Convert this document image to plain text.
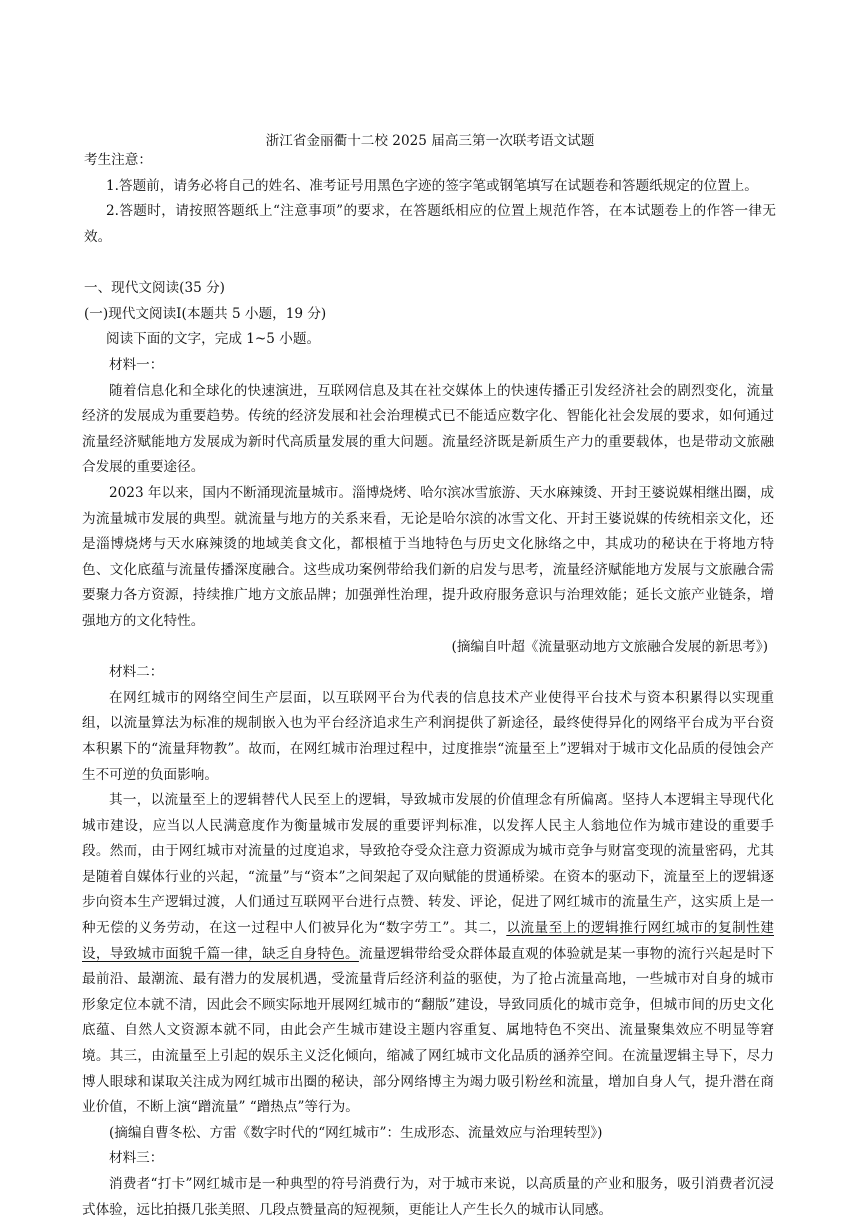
浙江省金丽衢十二校 2025 届高三第一次联考语文试题

考生注意：

1.答题前，请务必将自己的姓名、准考证号用黑色字迹的签字笔或钢笔填写在试题卷和答题纸规定的位置上。

2.答题时，请按照答题纸上“注意事项”的要求，在答题纸相应的位置上规范作答，在本试题卷上的作答一律无效。

一、现代文阅读(35 分)

(一)现代文阅读Ⅰ(本题共 5 小题，19 分)

阅读下面的文字，完成 1~5 小题。

材料一：

随着信息化和全球化的快速演进，互联网信息及其在社交媒体上的快速传播正引发经济社会的剧烈变化，流量经济的发展成为重要趋势。传统的经济发展和社会治理模式已不能适应数字化、智能化社会发展的要求，如何通过流量经济赋能地方发展成为新时代高质量发展的重大问题。流量经济既是新质生产力的重要载体，也是带动文旅融合发展的重要途径。

2023 年以来，国内不断涌现流量城市。淄博烧烤、哈尔滨冰雪旅游、天水麻辣烫、开封王婆说媒相继出圈，成为流量城市发展的典型。就流量与地方的关系来看，无论是哈尔滨的冰雪文化、开封王婆说媒的传统相亲文化，还是淄博烧烤与天水麻辣烫的地域美食文化，都根植于当地特色与历史文化脉络之中，其成功的秘诀在于将地方特色、文化底蕴与流量传播深度融合。这些成功案例带给我们新的启发与思考，流量经济赋能地方发展与文旅融合需要聚力各方资源，持续推广地方文旅品牌；加强弹性治理，提升政府服务意识与治理效能；延长文旅产业链条，增强地方的文化特性。

(摘编自叶超《流量驱动地方文旅融合发展的新思考》)

材料二：

在网红城市的网络空间生产层面，以互联网平台为代表的信息技术产业使得平台技术与资本积累得以实现重组，以流量算法为标准的规制嵌入也为平台经济追求生产利润提供了新途径，最终使得异化的网络平台成为平台资本积累下的“流量拜物教”。故而，在网红城市治理过程中，过度推崇“流量至上”逻辑对于城市文化品质的侵蚀会产生不可逆的负面影响。

其一，以流量至上的逻辑替代人民至上的逻辑，导致城市发展的价值理念有所偏离。坚持人本逻辑主导现代化城市建设，应当以人民满意度作为衡量城市发展的重要评判标准，以发挥人民主人翁地位作为城市建设的重要手段。然而，由于网红城市对流量的过度追求，导致抢夺受众注意力资源成为城市竞争与财富变现的流量密码，尤其是随着自媒体行业的兴起，“流量”与“资本”之间架起了双向赋能的贯通桥梁。在资本的驱动下，流量至上的逻辑逐步向资本生产逻辑过渡，人们通过互联网平台进行点赞、转发、评论，促进了网红城市的流量生产，这实质上是一种无偿的义务劳动，在这一过程中人们被异化为“数字劳工”。其二，以流量至上的逻辑推行网红城市的复制性建设，导致城市面貌千篇一律，缺乏自身特色。流量逻辑带给受众群体最直观的体验就是某一事物的流行兴起是时下最前沿、最潮流、最有潜力的发展机遇，受流量背后经济利益的驱使，为了抢占流量高地，一些城市对自身的城市形象定位本就不清，因此会不顾实际地开展网红城市的“翻版”建设，导致同质化的城市竞争，但城市间的历史文化底蕴、自然人文资源本就不同，由此会产生城市建设主题内容重复、属地特色不突出、流量聚集效应不明显等窘境。其三，由流量至上引起的娱乐主义泛化倾向，缩减了网红城市文化品质的涵养空间。在流量逻辑主导下，尽力博人眼球和谋取关注成为网红城市出圈的秘诀，部分网络博主为竭力吸引粉丝和流量，增加自身人气，提升潜在商业价值，不断上演“蹭流量” “蹭热点”等行为。

(摘编自曹冬松、方雷《数字时代的“网红城市”：生成形态、流量效应与治理转型》)

材料三：

消费者“打卡”网红城市是一种典型的符号消费行为，对于城市来说，以高质量的产业和服务，吸引消费者沉浸式体验，远比拍摄几张美照、几段点赞量高的短视频，更能让人产生长久的城市认同感。
